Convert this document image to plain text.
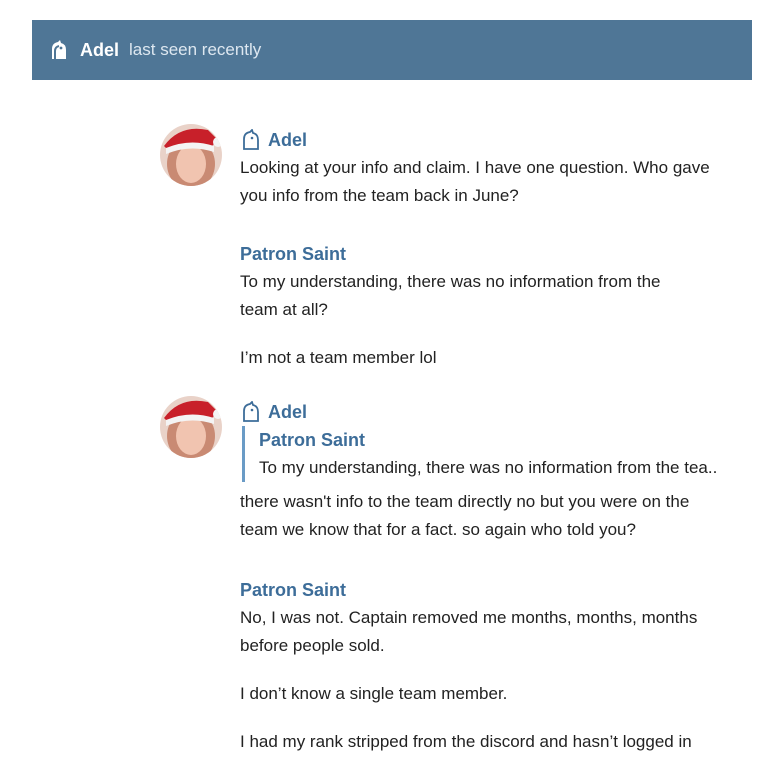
Adel last seen recently
Adel

Looking at your info and claim. I have one question. Who gave

you info from the team back in June?

Patron Saint

To my understanding, there was no information from the

team at all?

I’m not a team member lol

Adel
Patron Saint
To my understanding, there was no information from the tea..

there wasn't info to the team directly no but you were on the

team we know that for a fact. so again who told you?

Patron Saint

No, I was not. Captain removed me months, months, months

before people sold.

I don’t know a single team member.

I had my rank stripped from the discord and hasn’t logged in
